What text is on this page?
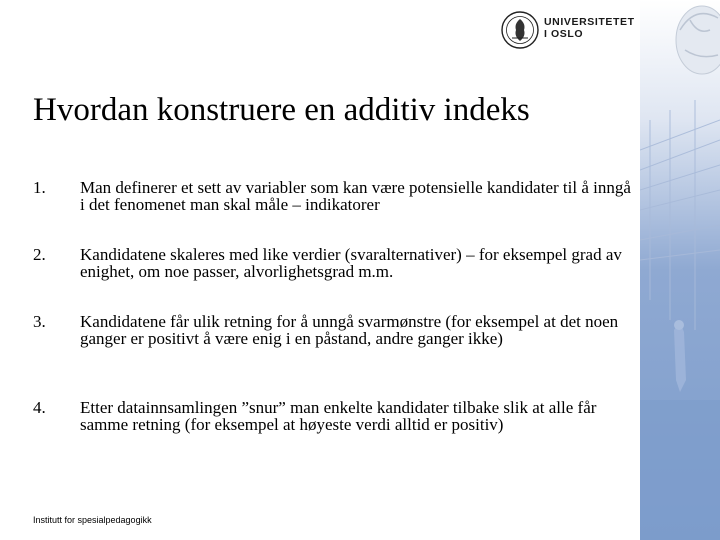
UNIVERSITETET
I OSLO
Hvordan konstruere en additiv indeks
1. Man definerer et sett av variabler som kan være potensielle kandidater til å inngå i det fenomenet man skal måle – indikatorer
2. Kandidatene skaleres med like verdier (svaralternativer) – for eksempel grad av enighet, om noe passer, alvorlighetsgrad m.m.
3. Kandidatene får ulik retning for å unngå svarmønstre (for eksempel at det noen ganger er positivt å være enig i en påstand, andre ganger ikke)
4. Etter datainnsamlingen ”snur” man enkelte kandidater tilbake slik at alle får samme retning (for eksempel at høyeste verdi alltid er positiv)
Institutt for spesialpedagogikk
